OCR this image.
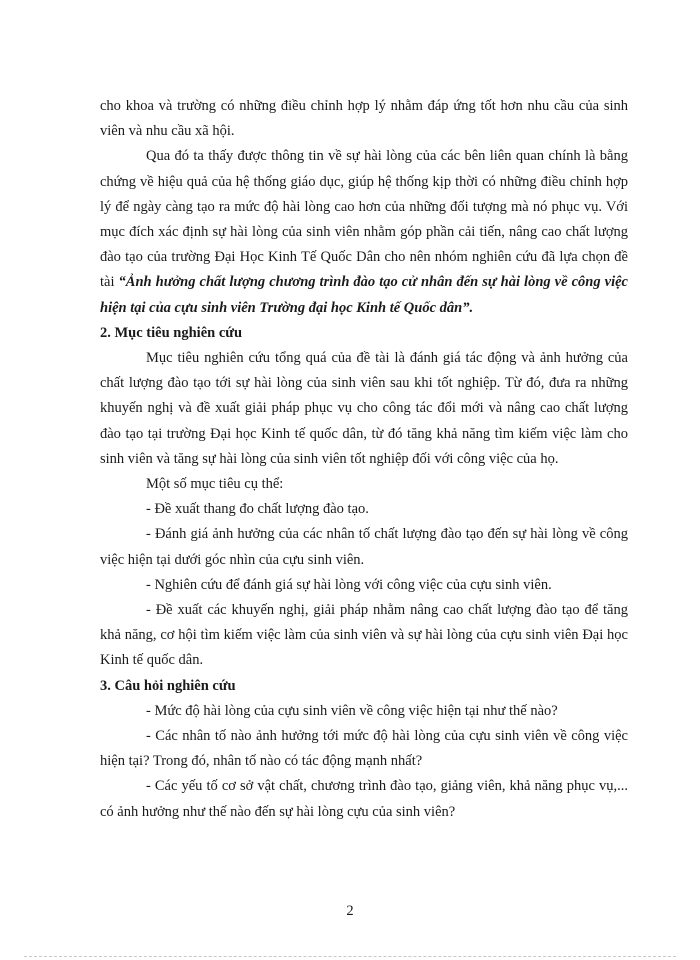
cho khoa và trường có những điều chỉnh hợp lý nhằm đáp ứng tốt hơn nhu cầu của sinh viên và nhu cầu xã hội.

Qua đó ta thấy được thông tin về sự hài lòng của các bên liên quan chính là bằng chứng về hiệu quả của hệ thống giáo dục, giúp hệ thống kịp thời có những điều chỉnh hợp lý để ngày càng tạo ra mức độ hài lòng cao hơn của những đối tượng mà nó phục vụ. Với mục đích xác định sự hài lòng của sinh viên nhằm góp phần cải tiến, nâng cao chất lượng đào tạo của trường Đại Học Kinh Tế Quốc Dân cho nên nhóm nghiên cứu đã lựa chọn đề tài “Ảnh hưởng chất lượng chương trình đào tạo cử nhân đến sự hài lòng về công việc hiện tại của cựu sinh viên Trường đại học Kinh tế Quốc dân”.

2. Mục tiêu nghiên cứu

Mục tiêu nghiên cứu tổng quá của đề tài là đánh giá tác động và ảnh hưởng của chất lượng đào tạo tới sự hài lòng của sinh viên sau khi tốt nghiệp. Từ đó, đưa ra những khuyến nghị và đề xuất giải pháp phục vụ cho công tác đổi mới và nâng cao chất lượng đào tạo tại trường Đại học Kinh tế quốc dân, từ đó tăng khả năng tìm kiếm việc làm cho sinh viên và tăng sự hài lòng của sinh viên tốt nghiệp đối với công việc của họ.

Một số mục tiêu cụ thể:

- Đề xuất thang đo chất lượng đào tạo.

- Đánh giá ảnh hưởng của các nhân tố chất lượng đào tạo đến sự hài lòng về công việc hiện tại dưới góc nhìn của cựu sinh viên.

- Nghiên cứu để đánh giá sự hài lòng với công việc của cựu sinh viên.

- Đề xuất các khuyến nghị, giải pháp nhằm nâng cao chất lượng đào tạo để tăng khả năng, cơ hội tìm kiếm việc làm của sinh viên và sự hài lòng của cựu sinh viên Đại học Kinh tế quốc dân.

3. Câu hỏi nghiên cứu

- Mức độ hài lòng của cựu sinh viên về công việc hiện tại như thế nào?

- Các nhân tố nào ảnh hưởng tới mức độ hài lòng của cựu sinh viên về công việc hiện tại? Trong đó, nhân tố nào có tác động mạnh nhất?

- Các yếu tố cơ sở vật chất, chương trình đào tạo, giảng viên, khả năng phục vụ,... có ảnh hưởng như thế nào đến sự hài lòng cựu của sinh viên?

2
